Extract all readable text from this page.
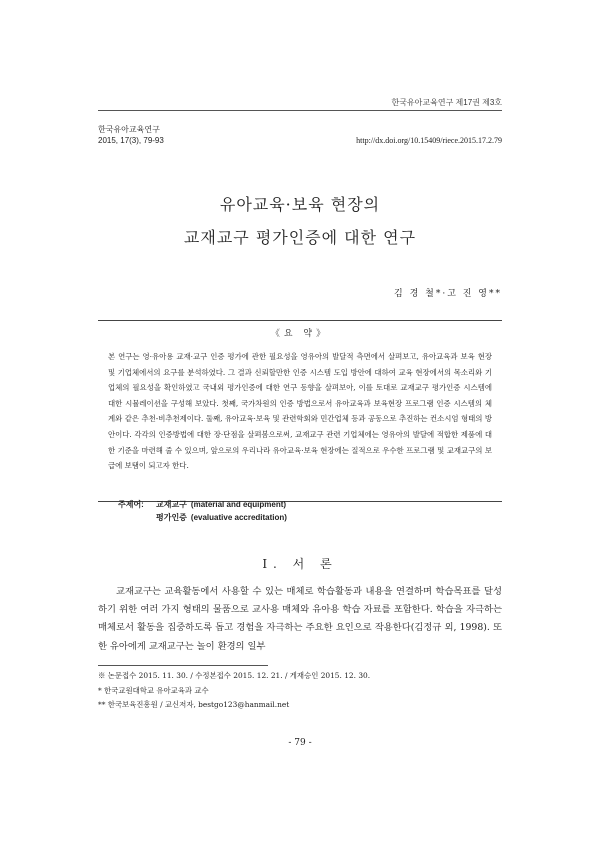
한국유아교육연구 제17권 제3호
한국유아교육연구
2015, 17(3), 79-93	http://dx.doi.org/10.15409/riece.2015.17.2.79
유아교육·보육 현장의
교재교구 평가인증에 대한 연구
김 경 철*·고 진 영**
《요 약》
본 연구는 영·유아용 교재·교구 인증 평가에 관한 필요성을 영유아의 발달적 측면에서 살펴보고, 유아교육과 보육 현장 및 기업체에서의 요구를 분석하였다. 그 결과 신뢰할만한 인증 시스템 도입 방안에 대하여 교육 현장에서의 목소리와 기업체의 필요성을 확인하였고 국내외 평가인증에 대한 연구 동향을 살펴보아, 이를 토대로 교재교구 평가인증 시스템에 대한 시뮬레이션을 구성해 보았다. 첫째, 국가차원의 인증 방법으로서 유아교육과 보육현장 프로그램 인증 시스템의 체계와 같은 추천-비추천제이다. 둘째, 유아교육·보육 및 관련학회와 민간업체 등과 공동으로 추진하는 컨소시엄 형태의 방안이다. 각각의 인증방법에 대한 장·단점을 살펴봄으로써, 교재교구 관련 기업체에는 영유아의 발달에 적합한 제품에 대한 기준을 마련해 줄 수 있으며, 앞으로의 우리나라 유아교육·보육 현장에는 질적으로 우수한 프로그램 및 교재교구의 보급에 보탬이 되고자 한다.
주제어: 교재교구 (material and equipment)
평가인증 (evaluative accreditation)
Ⅰ. 서 론
교재교구는 교육활동에서 사용할 수 있는 매체로 학습활동과 내용을 연결하며 학습목표를 달성하기 위한 여러 가지 형태의 물품으로 교사용 매체와 유아용 학습 자료를 포함한다. 학습을 자극하는 매체로서 활동을 집중하도록 돕고 경험을 자극하는 주요한 요인으로 작용한다(김정규 외, 1998). 또한 유아에게 교재교구는 놀이 환경의 일부
※ 논문접수 2015. 11. 30. / 수정본접수 2015. 12. 21. / 게재승인 2015. 12. 30.
* 한국교원대학교 유아교육과 교수
** 한국보육진흥원 / 교신저자, bestgo123@hanmail.net
- 79 -
